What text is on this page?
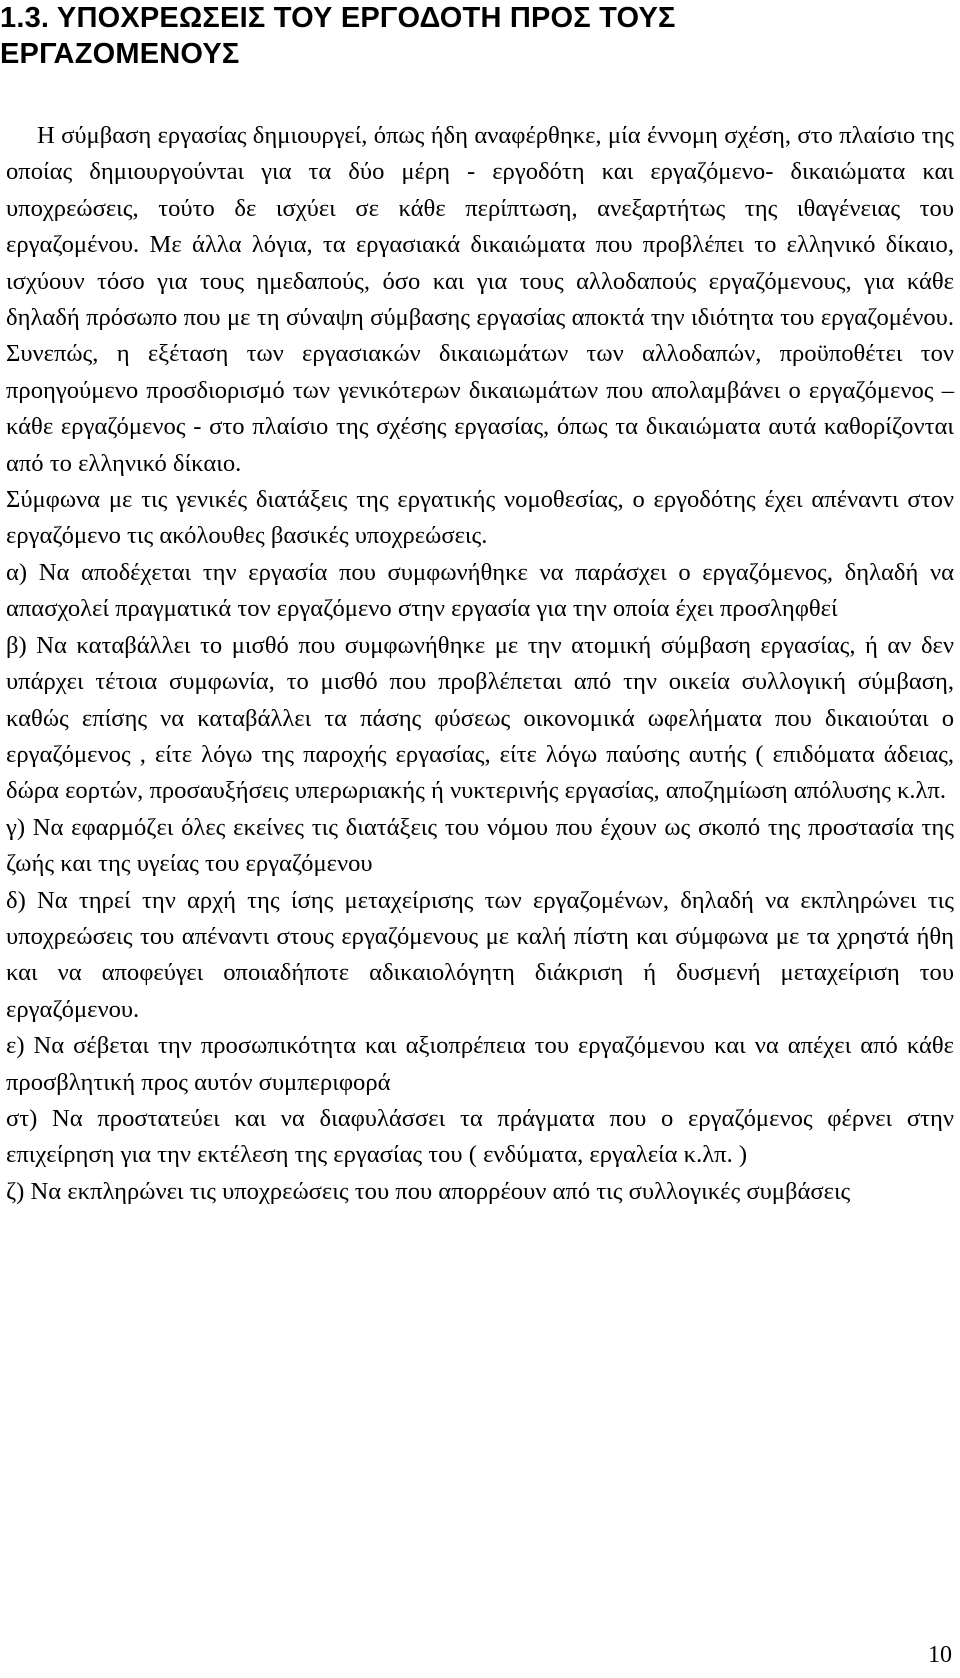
1.3. ΥΠΟΧΡΕΩΣΕΙΣ ΤΟΥ ΕΡΓΟΔΟΤΗ ΠΡΟΣ ΤΟΥΣ
ΕΡΓΑΖΟΜΕΝΟΥΣ

Η σύμβαση εργασίας δημιουργεί, όπως ήδη αναφέρθηκε, μία έννομη σχέση, στο πλαίσιο της οποίας δημιουργούντaι για τα δύο μέρη - εργοδότη και εργαζόμενο- δικαιώματα και υποχρεώσεις, τούτο δε ισχύει σε κάθε περίπτωση, ανεξαρτήτως της ιθαγένειας του εργαζομένου. Με άλλα λόγια, τα εργασιακά δικαιώματα που προβλέπει το ελληνικό δίκαιο, ισχύουν τόσο για τους ημεδαπούς, όσο και για τους αλλοδαπούς εργαζόμενους, για κάθε δηλαδή πρόσωπο που με τη σύναψη σύμβασης εργασίας αποκτά την ιδιότητα του εργαζομένου. Συνεπώς, η εξέταση των εργασιακών δικαιωμάτων των αλλοδαπών, προϋποθέτει τον προηγούμενο προσδιορισμό των γενικότερων δικαιωμάτων που απολαμβάνει ο εργαζόμενος – κάθε εργαζόμενος - στο πλαίσιο της σχέσης εργασίας, όπως τα δικαιώματα αυτά καθορίζονται από το ελληνικό δίκαιο.

Σύμφωνα με τις γενικές διατάξεις της εργατικής νομοθεσίας, ο εργοδότης έχει απέναντι στον εργαζόμενο τις ακόλουθες βασικές υποχρεώσεις.

α) Να αποδέχεται την εργασία που συμφωνήθηκε να παράσχει ο εργαζόμενος, δηλαδή να απασχολεί πραγματικά τον εργαζόμενο στην εργασία για την οποία έχει προσληφθεί

β) Να καταβάλλει το μισθό που συμφωνήθηκε με την ατομική σύμβαση εργασίας, ή αν δεν υπάρχει τέτοια συμφωνία, το μισθό που προβλέπεται από την οικεία συλλογική σύμβαση, καθώς επίσης να καταβάλλει τα πάσης φύσεως οικονομικά ωφελήματα που δικαιούται ο εργαζόμενος , είτε λόγω της παροχής εργασίας, είτε λόγω παύσης αυτής ( επιδόματα άδειας, δώρα εορτών, προσαυξήσεις υπερωριακής ή νυκτερινής εργασίας, αποζημίωση απόλυσης κ.λπ.

γ) Να εφαρμόζει όλες εκείνες τις διατάξεις του νόμου που έχουν ως σκοπό της προστασία της ζωής και της υγείας του εργαζόμενου

δ) Να τηρεί την αρχή της ίσης μεταχείρισης των εργαζομένων, δηλαδή να εκπληρώνει τις υποχρεώσεις του απέναντι στους εργαζόμενους με καλή πίστη και σύμφωνα με τα χρηστά ήθη και να αποφεύγει οποιαδήποτε αδικαιολόγητη διάκριση ή δυσμενή μεταχείριση του εργαζόμενου.

ε) Να σέβεται την προσωπικότητα και αξιοπρέπεια του εργαζόμενου και να απέχει από κάθε προσβλητική προς αυτόν συμπεριφορά

στ) Να προστατεύει και να διαφυλάσσει τα πράγματα που ο εργαζόμενος φέρνει στην επιχείρηση για την εκτέλεση της εργασίας του ( ενδύματα, εργαλεία κ.λπ. )

ζ) Να εκπληρώνει τις υποχρεώσεις του που απορρέουν από τις συλλογικές συμβάσεις

10
